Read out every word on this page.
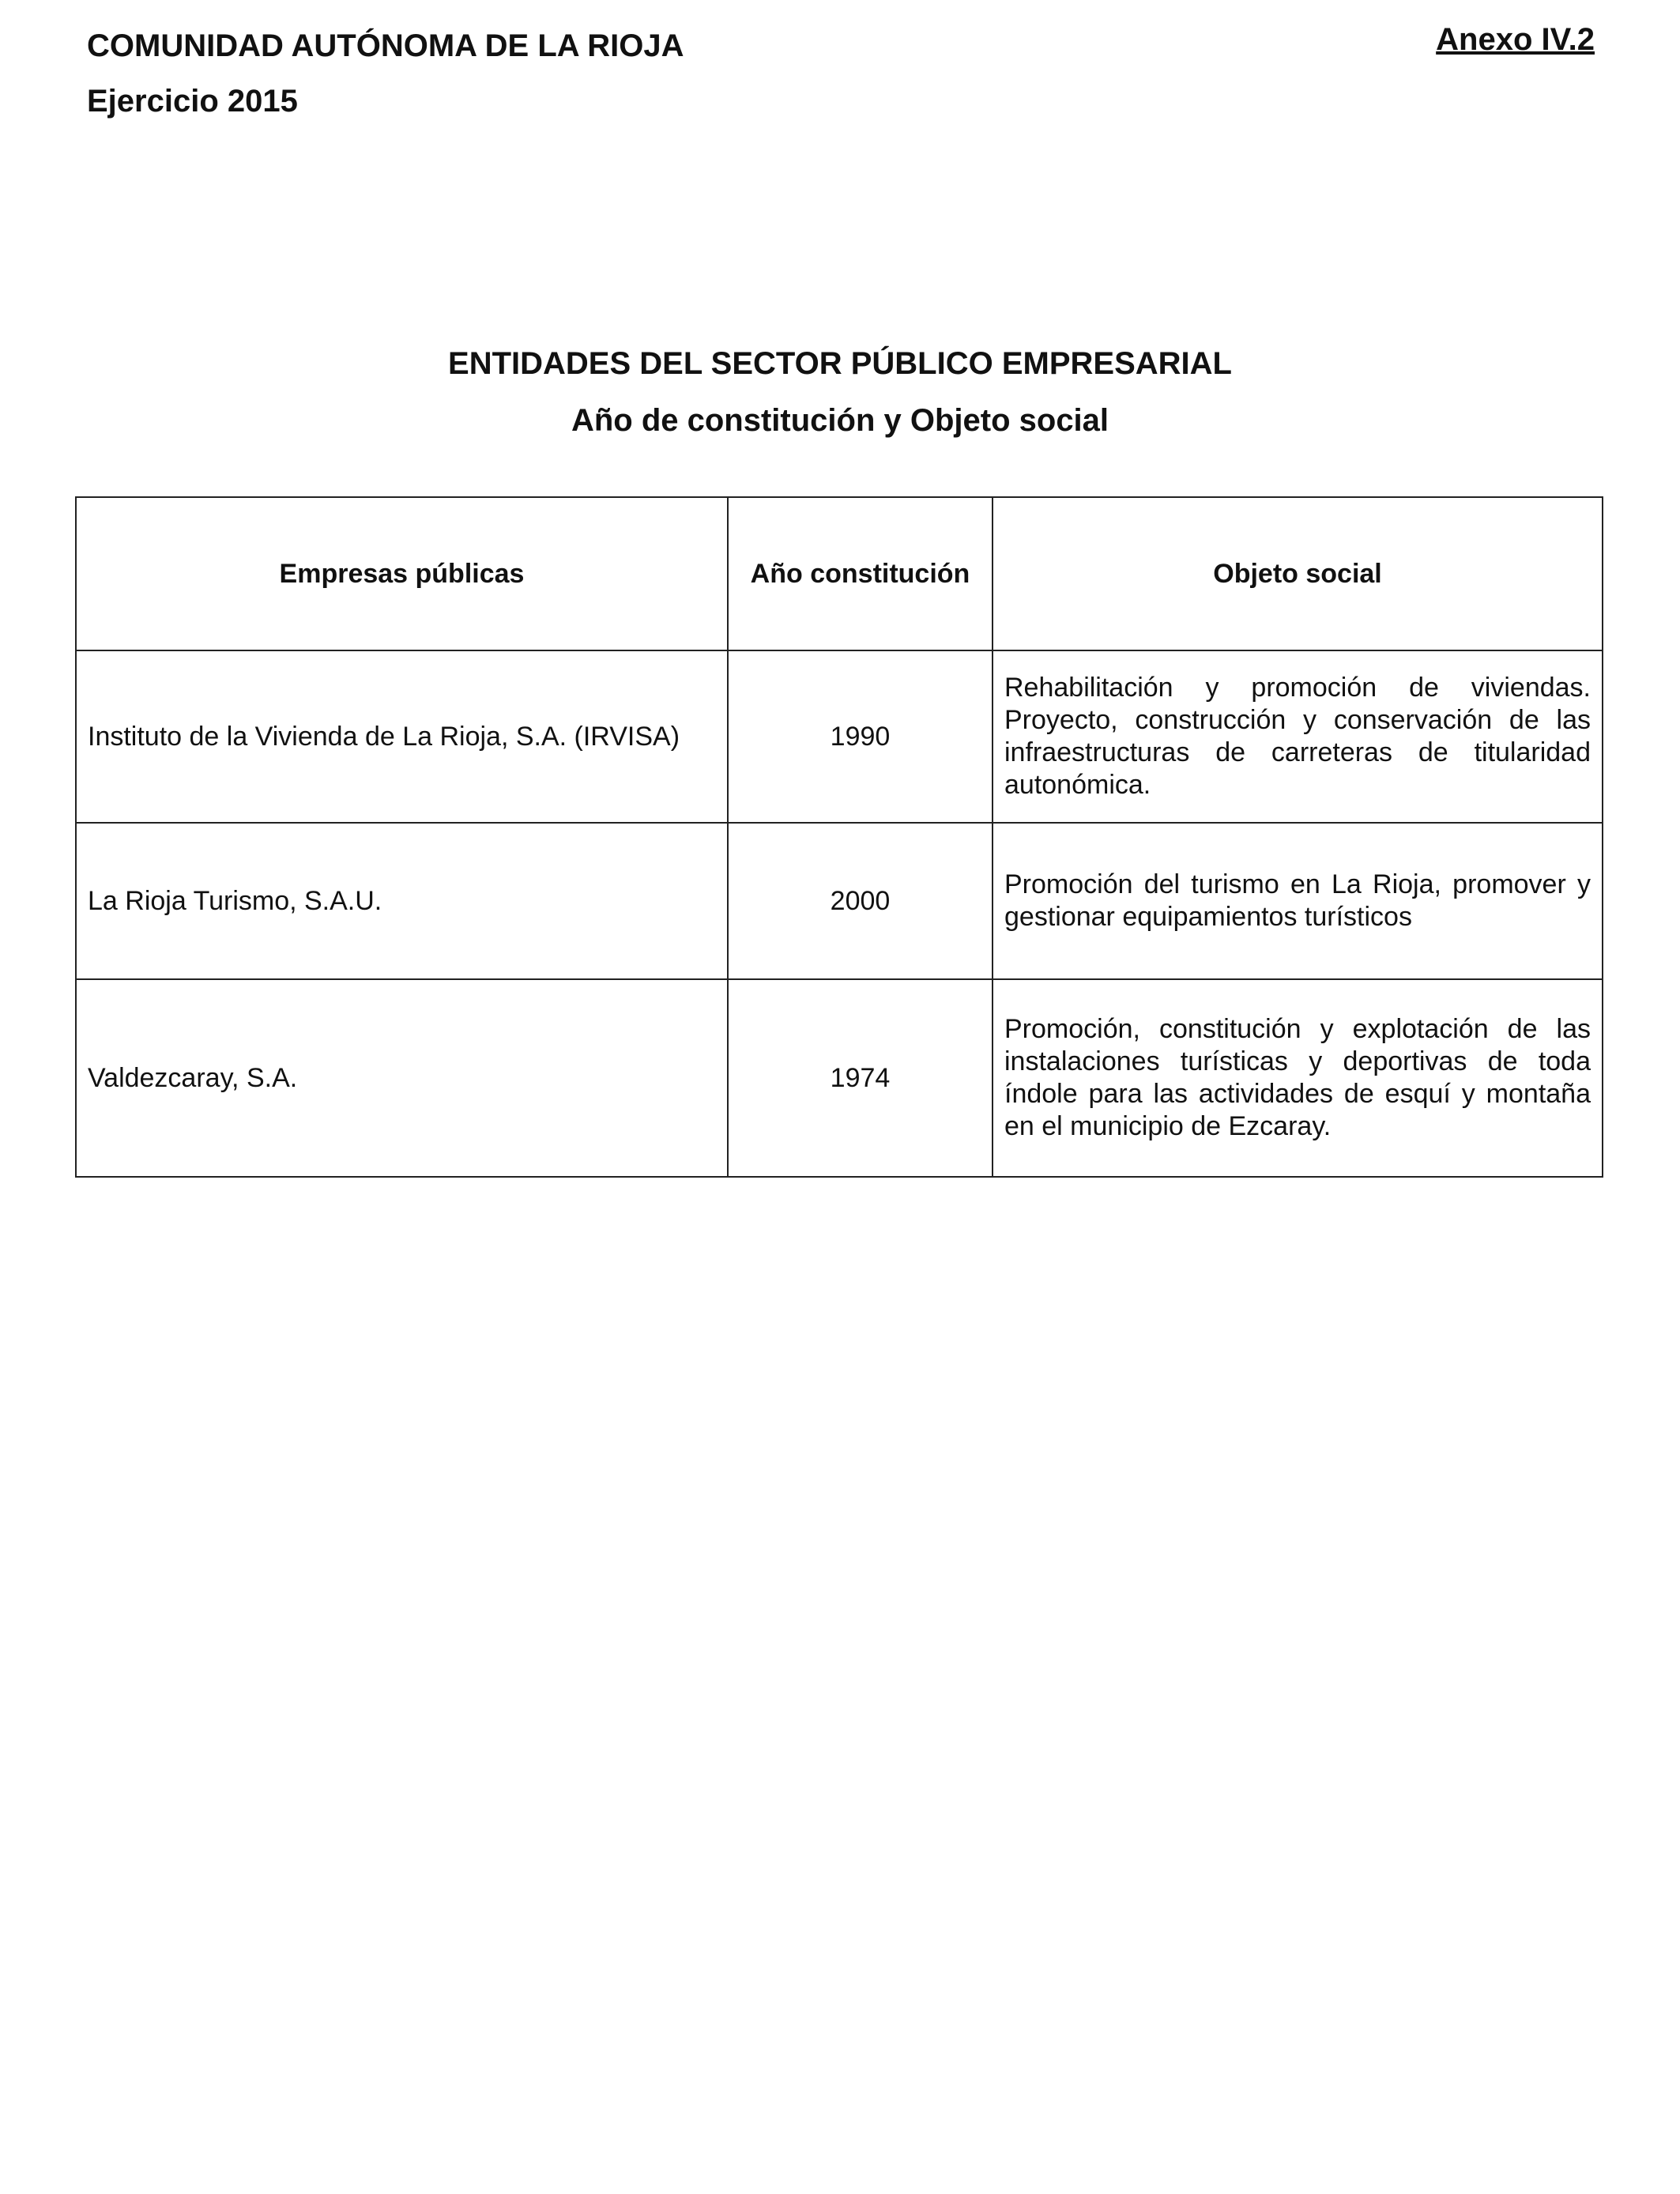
COMUNIDAD AUTÓNOMA DE LA RIOJA

Ejercicio 2015

Anexo IV.2

ENTIDADES DEL SECTOR PÚBLICO EMPRESARIAL

Año de constitución y Objeto social

Empresas públicas	Año constitución	Objeto social
Instituto de la Vivienda de La Rioja, S.A. (IRVISA)	1990	Rehabilitación y promoción de viviendas. Proyecto, construcción y conservación de las infraestructuras de carreteras de titularidad autonómica.
La Rioja Turismo, S.A.U.	2000	Promoción del turismo en La Rioja, promover y gestionar equipamientos turísticos
Valdezcaray, S.A.	1974	Promoción, constitución y explotación de las instalaciones turísticas y deportivas de toda índole para las actividades de esquí y montaña en el municipio de Ezcaray.
